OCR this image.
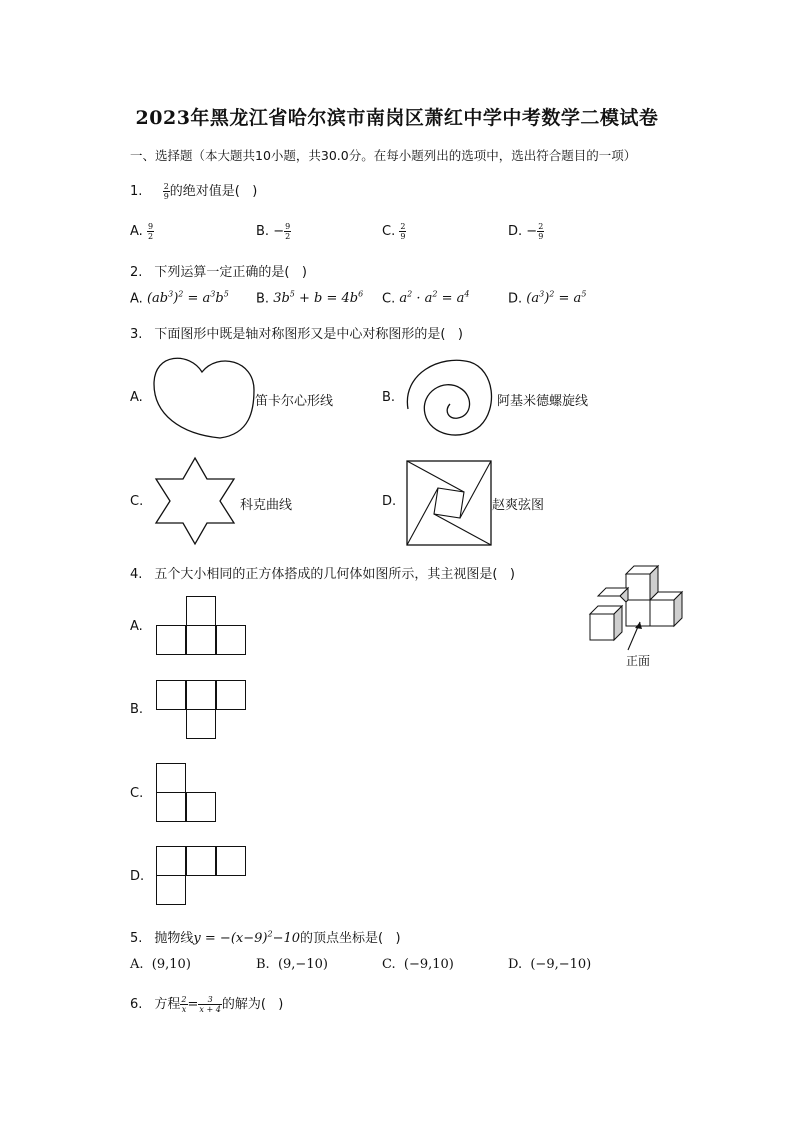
2023年黑龙江省哈尔滨市南岗区萧红中学中考数学二模试卷
一、选择题（本大题共10小题，共30.0分。在每小题列出的选项中，选出符合题目的一项）
1.	$\frac{2}{9}$ 的绝对值是(   )
A. $\frac{9}{2}$	B. − $\frac{9}{2}$	C. $\frac{2}{9}$	D. − $\frac{2}{9}$
2. 下列运算一定正确的是(   )
A. $(ab^3)^2 = a^3b^5$ B. $3b^5 + b = 4b^6$ C. $a^2 \cdot a^2 = a^4$	D. $(a^3)^2 = a^5$
3. 下面图形中既是轴对称图形又是中心对称图形的是(   )
A.	笛卡尔心形线	B.	阿基米德螺旋线
C.	科克曲线	D.	赵爽弦图
4. 五个大小相同的正方体搭成的几何体如图所示，其主视图是(   )
正面
A.
B.
C.
D.
5. 抛物线$y = -(x-9)^2-10$的顶点坐标是(   )
A. (9,10)	B. (9,−10)	C. (−9,10)	D. (−9,−10)
6. 方程 $\frac{2}{x} = \frac{3}{x + 4}$ 的解为(   )
